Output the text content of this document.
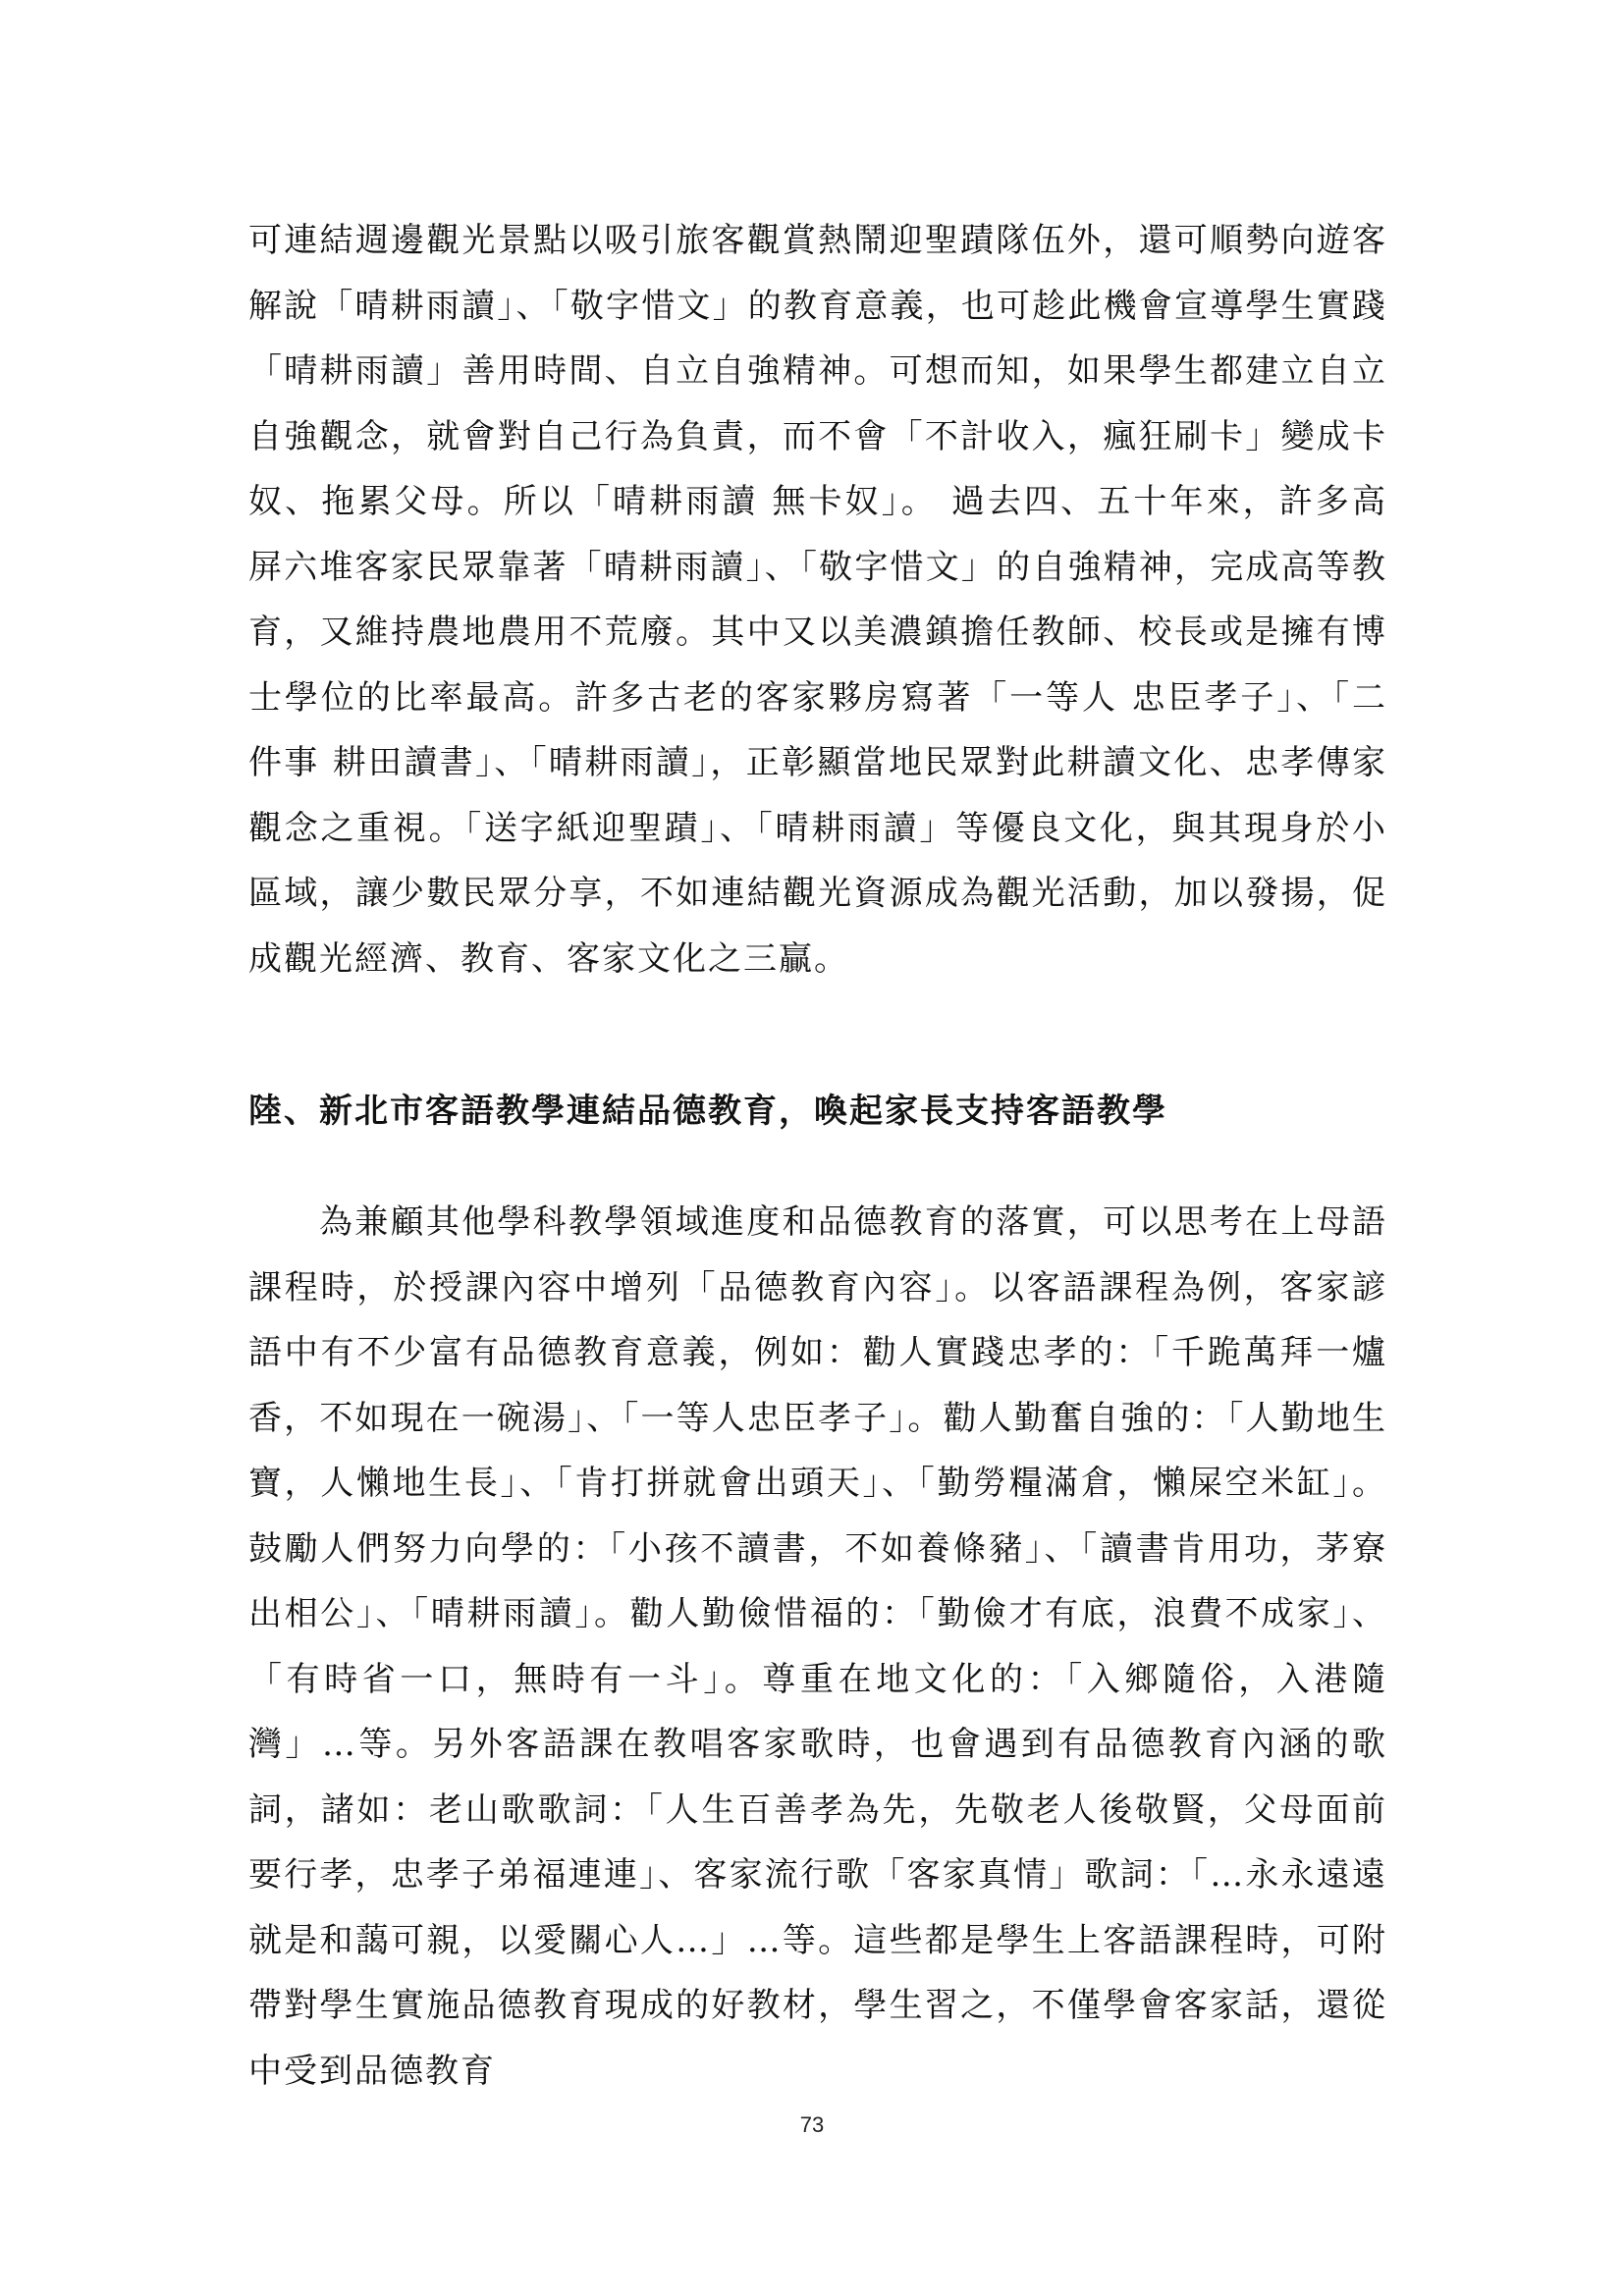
可連結週邊觀光景點以吸引旅客觀賞熱鬧迎聖蹟隊伍外，還可順勢向遊客解說「晴耕雨讀」、「敬字惜文」的教育意義，也可趁此機會宣導學生實踐「晴耕雨讀」善用時間、自立自強精神。可想而知，如果學生都建立自立自強觀念，就會對自己行為負責，而不會「不計收入，瘋狂刷卡」變成卡奴、拖累父母。所以「晴耕雨讀 無卡奴」。 過去四、五十年來，許多高屏六堆客家民眾靠著「晴耕雨讀」、「敬字惜文」的自強精神，完成高等教育，又維持農地農用不荒廢。其中又以美濃鎮擔任教師、校長或是擁有博士學位的比率最高。許多古老的客家夥房寫著「一等人 忠臣孝子」、「二件事 耕田讀書」、「晴耕雨讀」，正彰顯當地民眾對此耕讀文化、忠孝傳家觀念之重視。「送字紙迎聖蹟」、「晴耕雨讀」等優良文化，與其現身於小區域，讓少數民眾分享，不如連結觀光資源成為觀光活動，加以發揚，促成觀光經濟、教育、客家文化之三贏。

陸、新北市客語教學連結品德教育，喚起家長支持客語教學

為兼顧其他學科教學領域進度和品德教育的落實，可以思考在上母語課程時，於授課內容中增列「品德教育內容」。以客語課程為例，客家諺語中有不少富有品德教育意義，例如：勸人實踐忠孝的：「千跪萬拜一爐香，不如現在一碗湯」、「一等人忠臣孝子」。勸人勤奮自強的：「人勤地生寶，人懶地生長」、「肯打拼就會出頭天」、「勤勞糧滿倉，懶屎空米缸」。鼓勵人們努力向學的：「小孩不讀書，不如養條豬」、「讀書肯用功，茅寮出相公」、「晴耕雨讀」。勸人勤儉惜福的：「勤儉才有底，浪費不成家」、「有時省一口，無時有一斗」。尊重在地文化的：「入鄉隨俗，入港隨灣」…等。另外客語課在教唱客家歌時，也會遇到有品德教育內涵的歌詞，諸如：老山歌歌詞：「人生百善孝為先，先敬老人後敬賢，父母面前要行孝，忠孝子弟福連連」、客家流行歌「客家真情」歌詞：「…永永遠遠就是和藹可親，以愛關心人…」…等。這些都是學生上客語課程時，可附帶對學生實施品德教育現成的好教材，學生習之，不僅學會客家話，還從中受到品德教育

73
